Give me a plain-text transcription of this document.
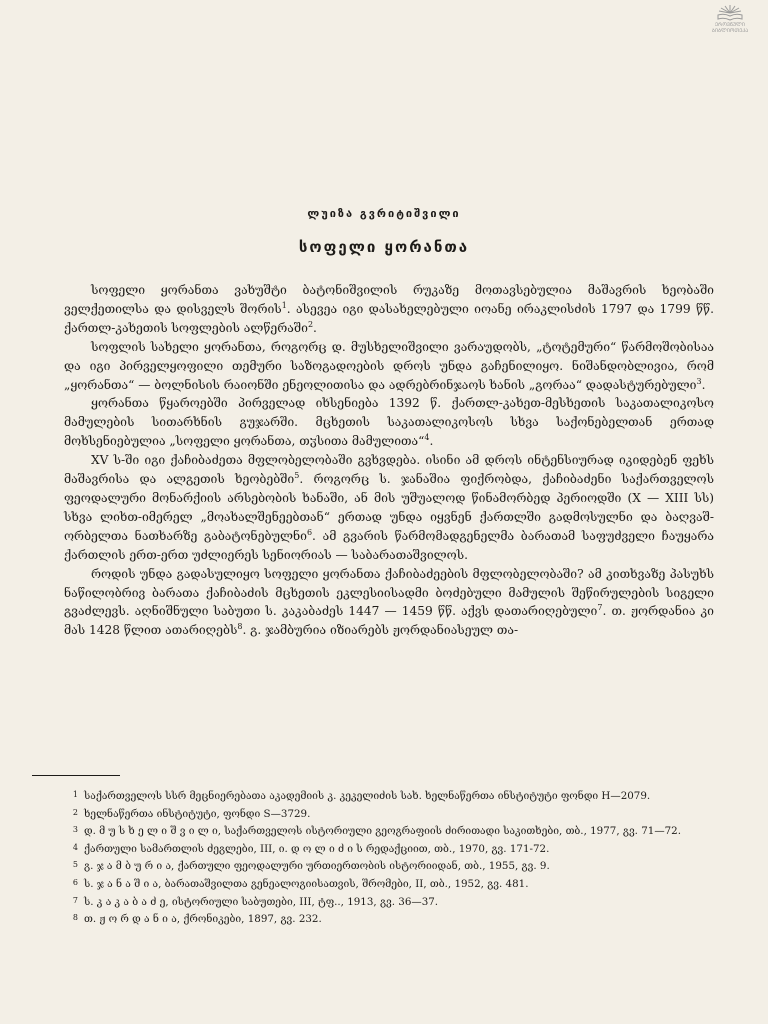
ᲔᲠᲝᲕᲜᲣᲚᲘ
ᲑᲘᲑᲚᲘᲝᲗᲔᲙᲐ
ლუიზა გვრიტიშვილი
სოფელი ყორანთა

სოფელი ყორანთა ვახუშტი ბატონიშვილის რუკაზე მოთავსებულია მაშავრის ხეობაში ველქეთილსა და დისველს შორის$^1$. ასევეა იგი დასახელებული იოანე ირაკლისძის 1797 და 1799 წწ. ქართლ-კახეთის სოფლების ალწერაში$^2$.

სოფლის სახელი ყორანთა, როგორც დ. მუსხელიშვილი ვარაუდობს, „ტოტემური“ წარმოშობისაა და იგი პირველყოფილი თემური საზოგადოების დროს უნდა გაჩენილიყო. ნიშანდობლივია, რომ „ყორანთა“ — ბოლნისის რაიონში ენეოლითისა და ადრებრინჯაოს ხანის „გორაა“ დადასტურებული$^3$.

ყორანთა წყაროებში პირველად იხსენიება 1392 წ. ქართლ-კახეთ-მესხეთის საკათალიკოსო მამულების სითარხნის გუჯარში. მცხეთის საკათალიკოსოს სხვა საქონებელთან ერთად მოხსენიებულია „სოფელი ყორანთა, თჳსითა მამულითა“$^4$.

XV ს-ში იგი ქაჩიბაძეთა მფლობელობაში გვხვდება. ისინი ამ დროს ინტენსიურად იკიდებენ ფეხს მაშავრისა და ალგეთის ხეობებში$^5$. როგორც ს. ჯანაშია ფიქრობდა, ქაჩიბაძენი საქართველოს ფეოდალური მონარქიის არსებობის ხანაში, ან მის უშუალოდ წინამორბედ პერიოდში (X — XIII სს) სხვა ლიხთ-იმერელ „მოახალშენეებთან“ ერთად უნდა იყვნენ ქართლში გადმოსულნი და ბაღვაშ-ორბელთა ნათხარზე გაბატონებულნი$^6$. ამ გვარის წარმომადგენელმა ბარათამ საფუძველი ჩაუყარა ქართლის ერთ-ერთ უძლიერეს სენიორიას — საბარათაშვილოს.

როდის უნდა გადასულიყო სოფელი ყორანთა ქაჩიბაძეების მფლობელობაში? ამ კითხვაზე პასუხს ნაწილობრივ ბარათა ქაჩიბაძის მცხეთის ეკლესიისადმი ბოძებული მამულის შეწირულების სიგელი გვაძლევს. აღნიშნული საბუთი ს. კაკაბაძეს 1447 — 1459 წწ. აქვს დათარიღებული$^7$. თ. ჟორდანია კი მას 1428 წლით ათარიღებს$^8$. გ. ჯამბურია იზიარებს ჟორდანიასეულ თა-

1 საქართველოს სსრ მეცნიერებათა აკადემიის კ. კეკელიძის სახ. ხელნაწერთა ინსტიტუტი ფონდი H—2079.

2 ხელნაწერთა ინსტიტუტი, ფონდი S—3729.

3 დ. მ უ ს ხ ე ლ ი შ ვ ი ლ ი, საქართველოს ისტორიული გეოგრაფიის ძირითადი საკითხები, თბ., 1977, გვ. 71—72.

4 ქართული სამართლის ძეგლები, III, ი. დ ო ლ ი ძ ი ს რედაქციით, თბ., 1970, გვ. 171-72.

5 გ. ჯ ა მ ბ უ რ ი ა, ქართული ფეოდალური ურთიერთობის ისტორიიდან, თბ., 1955, გვ. 9.

6 ს. ჯ ა ნ ა შ ი ა, ბარათაშვილთა გენეალოგიისათვის, შრომები, II, თბ., 1952, გვ. 481.

7 ს. კ ა კ ა ბ ა ძ ე, ისტორიული საბუთები, III, ტფ.., 1913, გვ. 36—37.

8 თ. ჟ ო რ დ ა ნ ი ა, ქრონიკები, 1897, გვ. 232.
